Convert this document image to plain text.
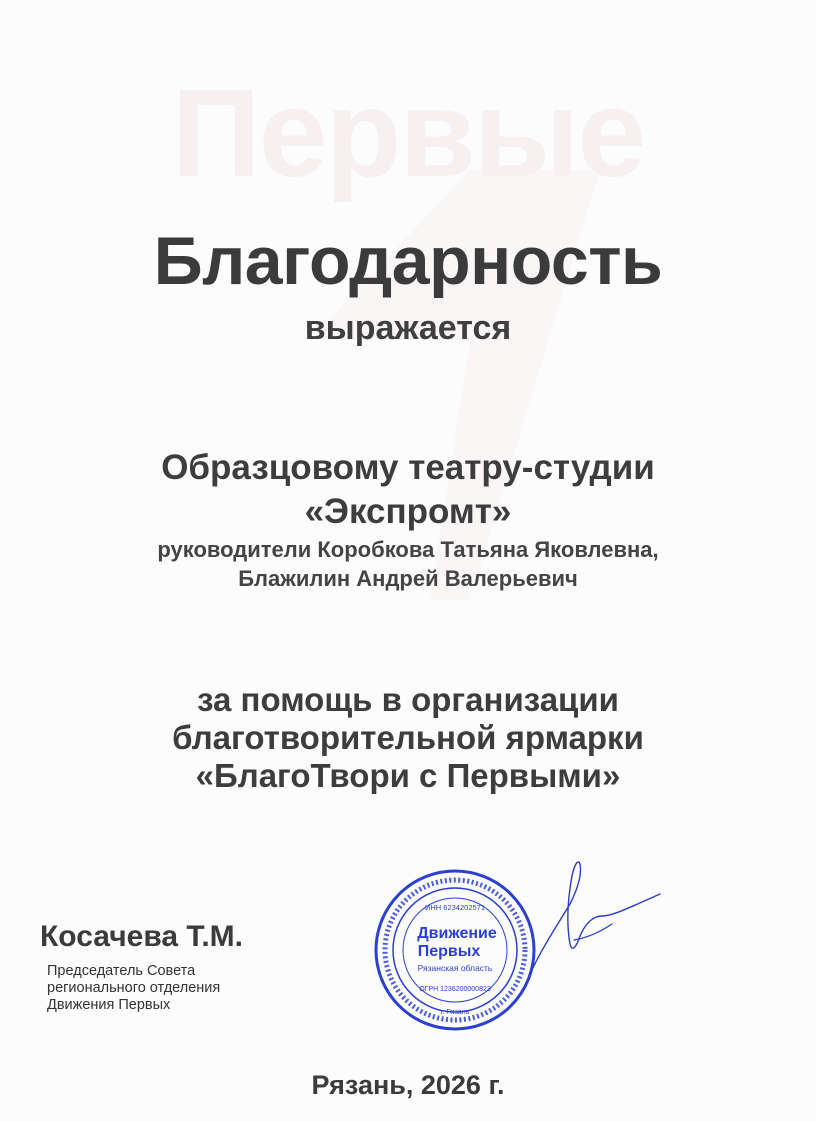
Первые
Благодарность
выражается
Образцовому театру-студии
«Экспромт»
руководители Коробкова Татьяна Яковлевна,
Блажилин Андрей Валерьевич
за помощь в организации
благотворительной ярмарки
«БлагоТвори с Первыми»
Косачева Т.М.
Председатель Совета
регионального отделения
Движения Первых
ИНН 6234202571
Движение
Первых
Рязанская область
ОГРН 1236200000823
г. Рязань
Рязань, 2026 г.
